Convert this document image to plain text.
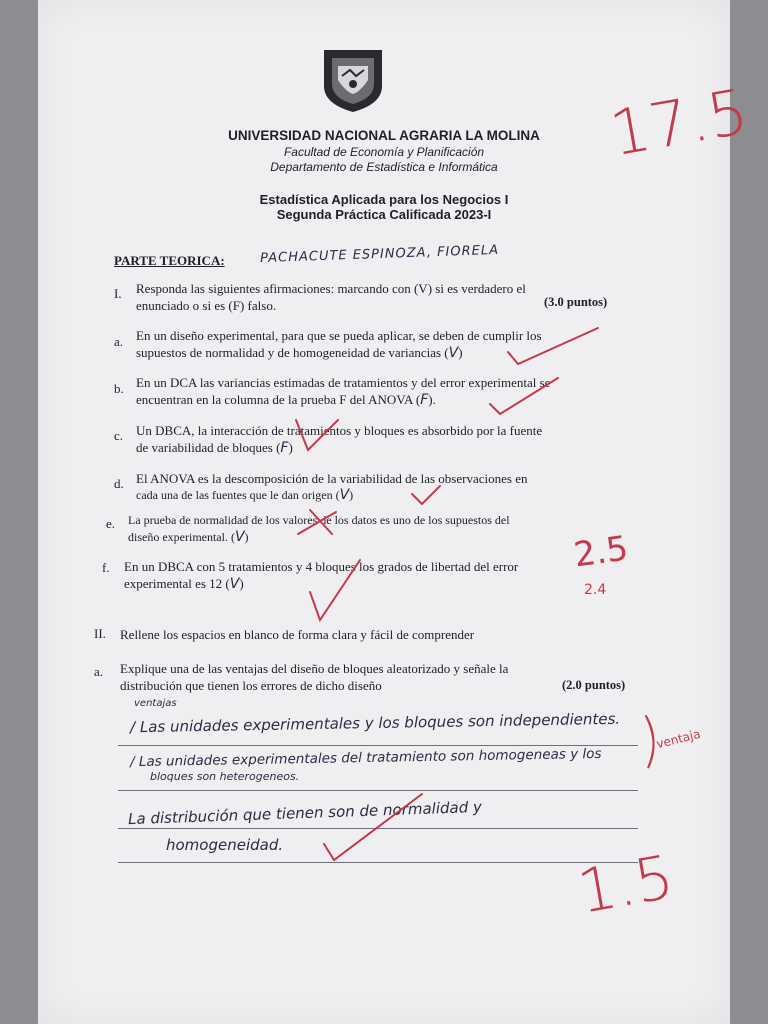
UNIVERSIDAD NACIONAL AGRARIA LA MOLINA
Facultad de Economía y Planificación
Departamento de Estadística e Informática
Estadística Aplicada para los Negocios I
Segunda Práctica Calificada 2023-I
17.5
PARTE TEORICA:	PACHACUTE ESPINOZA, FIORELA
I. Responda las siguientes afirmaciones: marcando con (V) si es verdadero el
enunciado o si es (F) falso.	(3.0 puntos)
a. En un diseño experimental, para que se pueda aplicar, se deben de cumplir los
supuestos de normalidad y de homogeneidad de variancias (V)
b. En un DCA las variancias estimadas de tratamientos y del error experimental se
encuentran en la columna de la prueba F del ANOVA (F).
c. Un DBCA, la interacción de tratamientos y bloques es absorbido por la fuente
de variabilidad de bloques (F)
d. El ANOVA es la descomposición de la variabilidad de las observaciones en
cada una de las fuentes que le dan origen (V)
e. La prueba de normalidad de los valores de los datos es uno de los supuestos del
diseño experimental. (V)
f. En un DBCA con 5 tratamientos y 4 bloques los grados de libertad del error
experimental es 12 (V)
2.5
2.4
II. Rellene los espacios en blanco de forma clara y fácil de comprender
a. Explique una de las ventajas del diseño de bloques aleatorizado y señale la
distribución que tienen los errores de dicho diseño	(2.0 puntos)
ventajas
/ Las unidades experimentales y los bloques son independientes.
/ Las unidades experimentales del tratamiento son homogeneas y los
bloques son heterogeneos.
La distribución que tienen son de normalidad y
homogeneidad.
ventaja
1.5
